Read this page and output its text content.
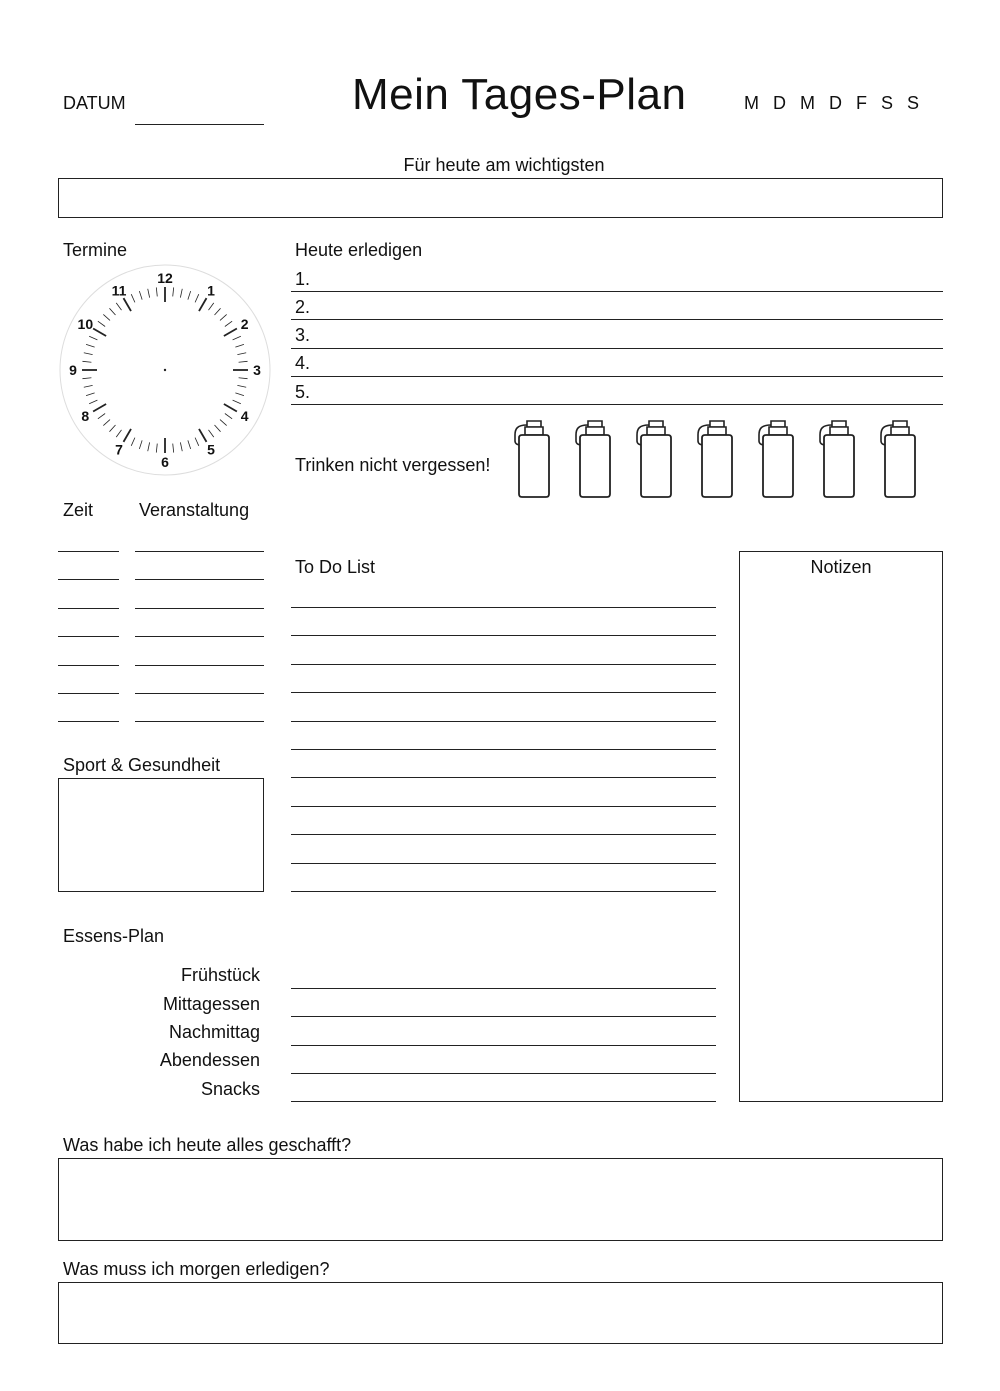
DATUM	Mein Tages-Plan	M D M D F S S
Für heute am wichtigsten
Termine
12
1
2
3
4
5
6
7
8
9
10
11
Heute erledigen
1.
2.
3.
4.
5.
Trinken nicht vergessen!
Zeit	Veranstaltung
To Do List	Notizen
Sport & Gesundheit
Essens-Plan
Frühstück
Mittagessen
Nachmittag
Abendessen
Snacks
Was habe ich heute alles geschafft?
Was muss ich morgen erledigen?
